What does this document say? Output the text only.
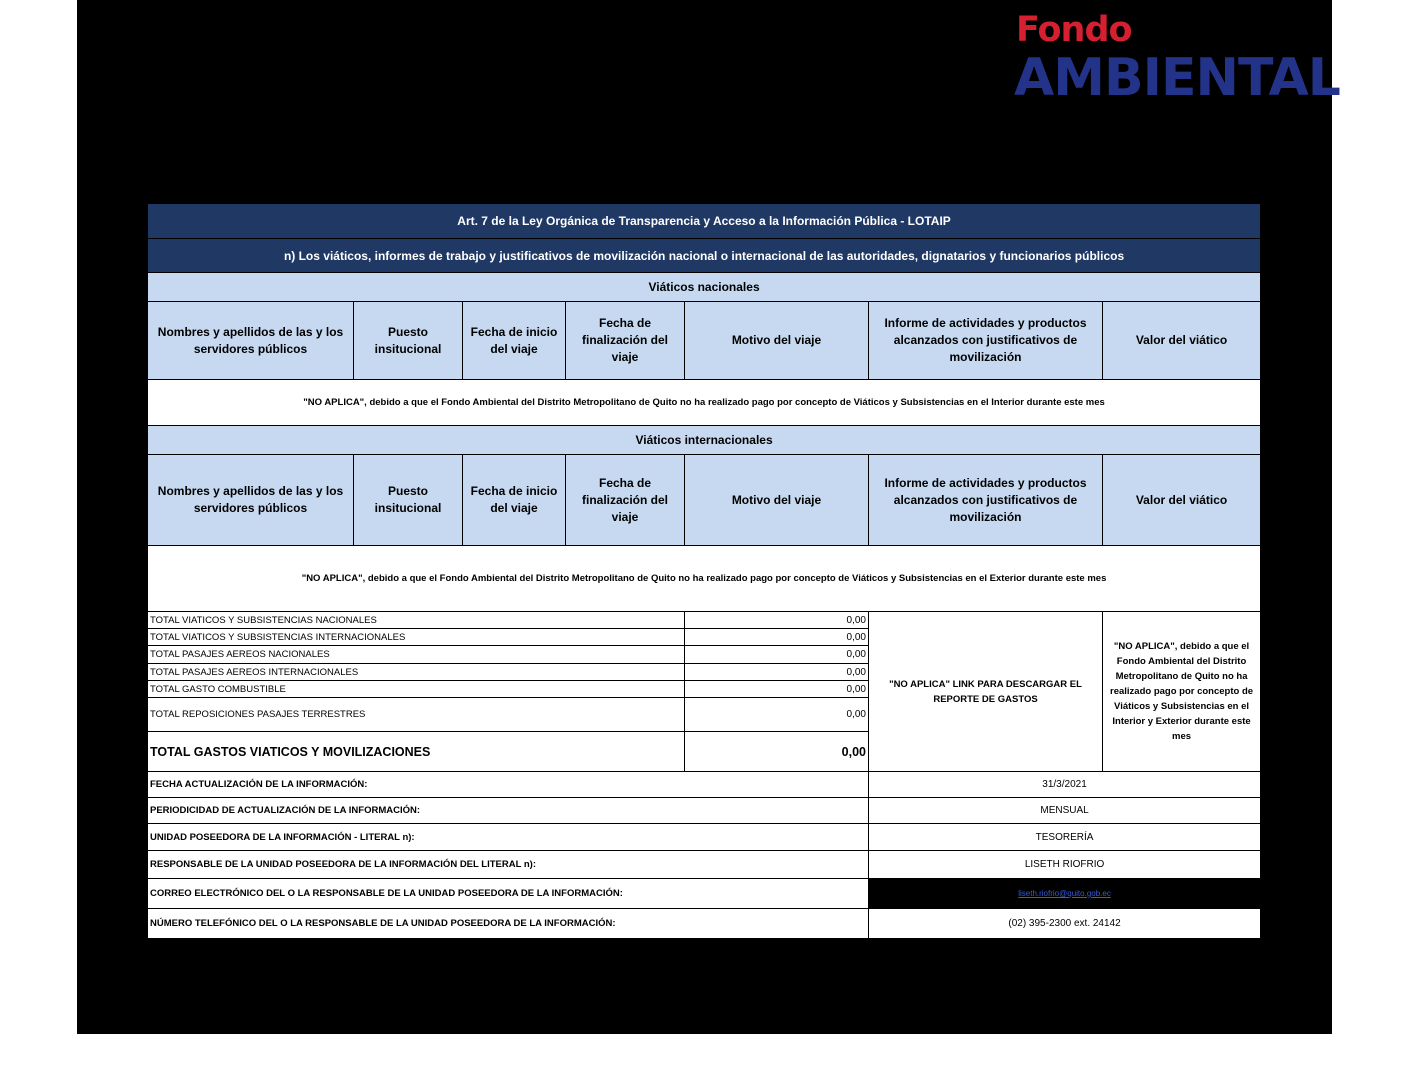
Fondo
AMBIENTAL
Art. 7 de la Ley Orgánica de Transparencia y Acceso a la Información Pública - LOTAIP						
n) Los viáticos, informes de trabajo y justificativos de movilización nacional o internacional de las autoridades, dignatarios y funcionarios públicos						
Viáticos nacionales						
Nombres y apellidos de las y los servidores públicos	Puesto insitucional	Fecha de inicio del viaje	Fecha de finalización del viaje	Motivo del viaje	Informe de actividades y productos alcanzados con justificativos de movilización	Valor del viático
"NO APLICA", debido a que el Fondo Ambiental del Distrito Metropolitano de Quito no ha realizado pago por concepto de Viáticos y Subsistencias en el Interior durante este mes						
Viáticos internacionales						
Nombres y apellidos de las y los servidores públicos	Puesto insitucional	Fecha de inicio del viaje	Fecha de finalización del viaje	Motivo del viaje	Informe de actividades y productos alcanzados con justificativos de movilización	Valor del viático
"NO APLICA", debido a que el Fondo Ambiental del Distrito Metropolitano de Quito no ha realizado pago por concepto de Viáticos y Subsistencias en el Exterior durante este mes						
TOTAL VIATICOS Y SUBSISTENCIAS NACIONALES				0,00	"NO APLICA" LINK PARA DESCARGAR EL REPORTE DE GASTOS	"NO APLICA", debido a que el Fondo Ambiental del Distrito Metropolitano de Quito no ha realizado pago por concepto de Viáticos y Subsistencias en el Interior y Exterior durante este mes
TOTAL VIATICOS Y SUBSISTENCIAS INTERNACIONALES				0,00		
TOTAL PASAJES AEREOS NACIONALES				0,00		
TOTAL PASAJES AEREOS INTERNACIONALES				0,00		
TOTAL GASTO COMBUSTIBLE				0,00		
TOTAL REPOSICIONES PASAJES TERRESTRES				0,00		
TOTAL GASTOS VIATICOS Y MOVILIZACIONES				0,00		
FECHA ACTUALIZACIÓN DE LA INFORMACIÓN:					31/3/2021	
PERIODICIDAD DE ACTUALIZACIÓN DE LA INFORMACIÓN:					MENSUAL	
UNIDAD POSEEDORA DE LA INFORMACIÓN - LITERAL n):					TESORERÍA	
RESPONSABLE DE LA UNIDAD POSEEDORA DE LA INFORMACIÓN DEL LITERAL n):					LISETH RIOFRIO	
CORREO ELECTRÓNICO DEL O LA RESPONSABLE DE LA UNIDAD POSEEDORA DE LA INFORMACIÓN:					liseth.riofrio@quito.gob.ec	
NÚMERO TELEFÓNICO DEL O LA RESPONSABLE DE LA UNIDAD POSEEDORA DE LA INFORMACIÓN:					(02) 395-2300 ext. 24142	
